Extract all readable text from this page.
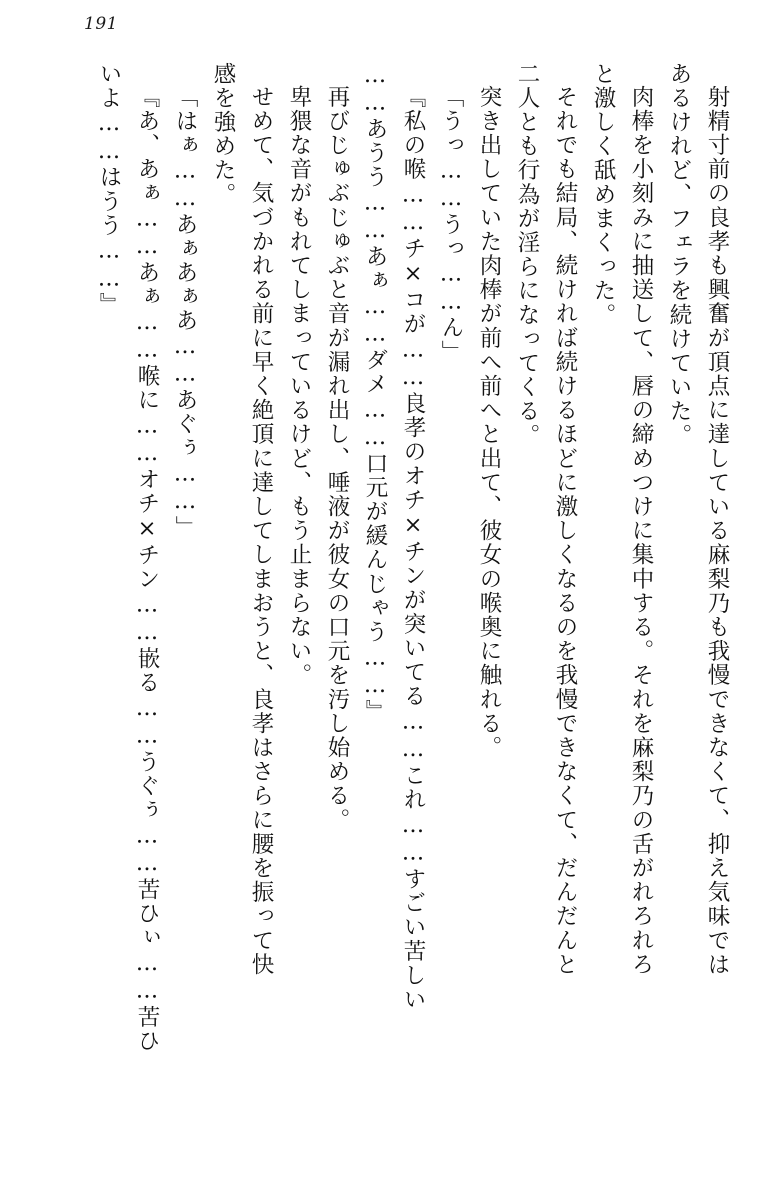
191
射精寸前の良孝も興奮が頂点に達している麻梨乃も我慢できなくて、抑え気味では
あるけれど、フェラを続けていた。
肉棒を小刻みに抽送して、唇の締めつけに集中する。それを麻梨乃の舌がれろれろ
と激しく舐めまくった。
それでも結局、続ければ続けるほどに激しくなるのを我慢できなくて、だんだんと
二人とも行為が淫らになってくる。
突き出していた肉棒が前へ前へと出て、彼女の喉奥に触れる。
「うっ……うっ……ん」
『私の喉……チ×コが……良孝のオチ×チンが突いてる……これ……すごい苦しい
……あうう……あぁ……ダメ……口元が緩んじゃう……』
再びじゅぶじゅぶと音が漏れ出し、唾液が彼女の口元を汚し始める。
卑猥な音がもれてしまっているけど、もう止まらない。
せめて、気づかれる前に早く絶頂に達してしまおうと、良孝はさらに腰を振って快
感を強めた。
「はぁ……あぁあぁあ……あぐぅ……」
『あ、あぁ……あぁ……喉に……オチ×チン……嵌る……うぐぅ……苦ひぃ……苦ひ
いよ……はうう……』
